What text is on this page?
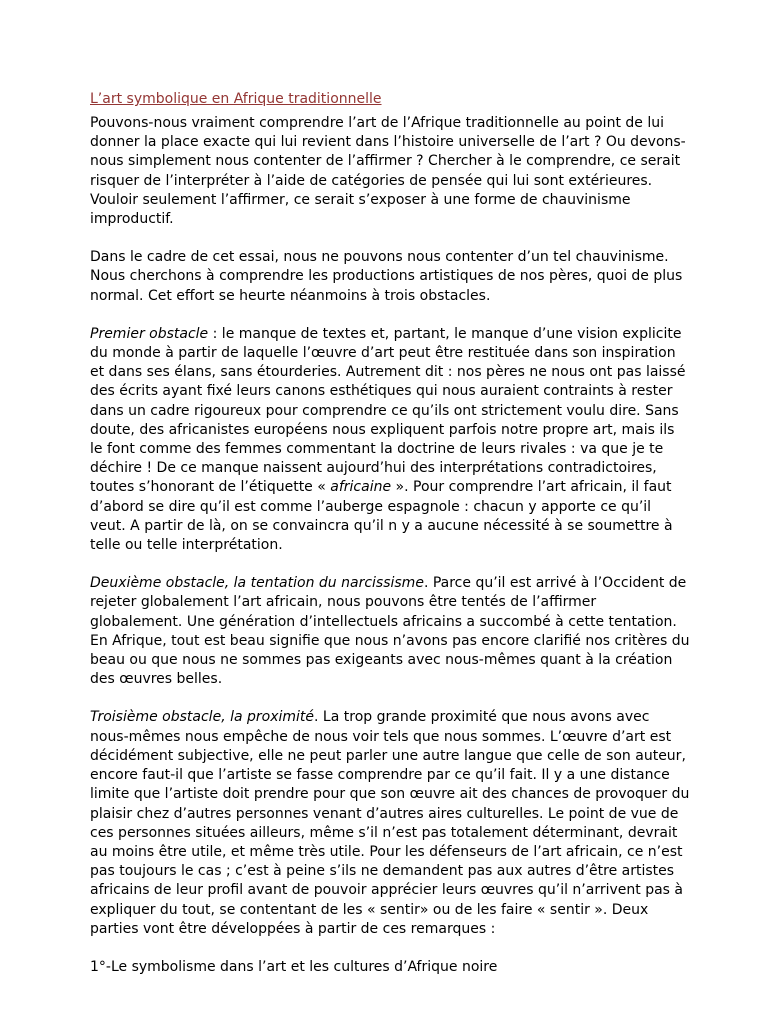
L’art symbolique en Afrique traditionnelle

Pouvons-nous vraiment comprendre l’art de l’Afrique traditionnelle au point de lui donner la place exacte qui lui revient dans l’histoire universelle de l’art ? Ou devons-nous simplement nous contenter de l’affirmer ? Chercher à le comprendre, ce serait risquer de l’interpréter à l’aide de catégories de pensée qui lui sont extérieures. Vouloir seulement l’affirmer, ce serait s’exposer à une forme de chauvinisme improductif.

Dans le cadre de cet essai, nous ne pouvons nous contenter d’un tel chauvinisme. Nous cherchons à comprendre les productions artistiques de nos pères, quoi de plus normal. Cet effort se heurte néanmoins à trois obstacles.

Premier obstacle : le manque de textes et, partant, le manque d’une vision explicite du monde à partir de laquelle l’œuvre d’art peut être restituée dans son inspiration et dans ses élans, sans étourderies. Autrement dit : nos pères ne nous ont pas laissé des écrits ayant fixé leurs canons esthétiques qui nous auraient contraints à rester dans un cadre rigoureux pour comprendre ce qu’ils ont strictement voulu dire. Sans doute, des africanistes européens nous expliquent parfois notre propre art, mais ils le font comme des femmes commentant la doctrine de leurs rivales : va que je te déchire ! De ce manque naissent aujourd’hui des interprétations contradictoires, toutes s’honorant de l’étiquette « africaine ». Pour comprendre l’art africain, il faut d’abord se dire qu’il est comme l’auberge espagnole : chacun y apporte ce qu’il veut. A partir de là, on se convaincra qu’il n y a aucune nécessité à se soumettre à telle ou telle interprétation.

Deuxième obstacle, la tentation du narcissisme. Parce qu’il est arrivé à l’Occident de rejeter globalement l’art africain, nous pouvons être tentés de l’affirmer globalement. Une génération d’intellectuels africains a succombé à cette tentation. En Afrique, tout est beau signifie que nous n’avons pas encore clarifié nos critères du beau ou que nous ne sommes pas exigeants avec nous-mêmes quant à la création des œuvres belles.

Troisième obstacle, la proximité. La trop grande proximité que nous avons avec nous-mêmes nous empêche de nous voir tels que nous sommes. L’œuvre d’art est décidément subjective, elle ne peut parler une autre langue que celle de son auteur, encore faut-il que l’artiste se fasse comprendre par ce qu’il fait. Il y a une distance limite que l’artiste doit prendre pour que son œuvre ait des chances de provoquer du plaisir chez d’autres personnes venant d’autres aires culturelles. Le point de vue de ces personnes situées ailleurs, même s’il n’est pas totalement déterminant, devrait au moins être utile, et même très utile. Pour les défenseurs de l’art africain, ce n’est pas toujours le cas ; c’est à peine s’ils ne demandent pas aux autres d’être artistes africains de leur profil avant de pouvoir apprécier leurs œuvres qu’il n’arrivent pas à expliquer du tout, se contentant de les « sentir» ou de les faire « sentir ». Deux parties vont être développées à partir de ces remarques :

1°-Le symbolisme dans l’art et les cultures d’Afrique noire
